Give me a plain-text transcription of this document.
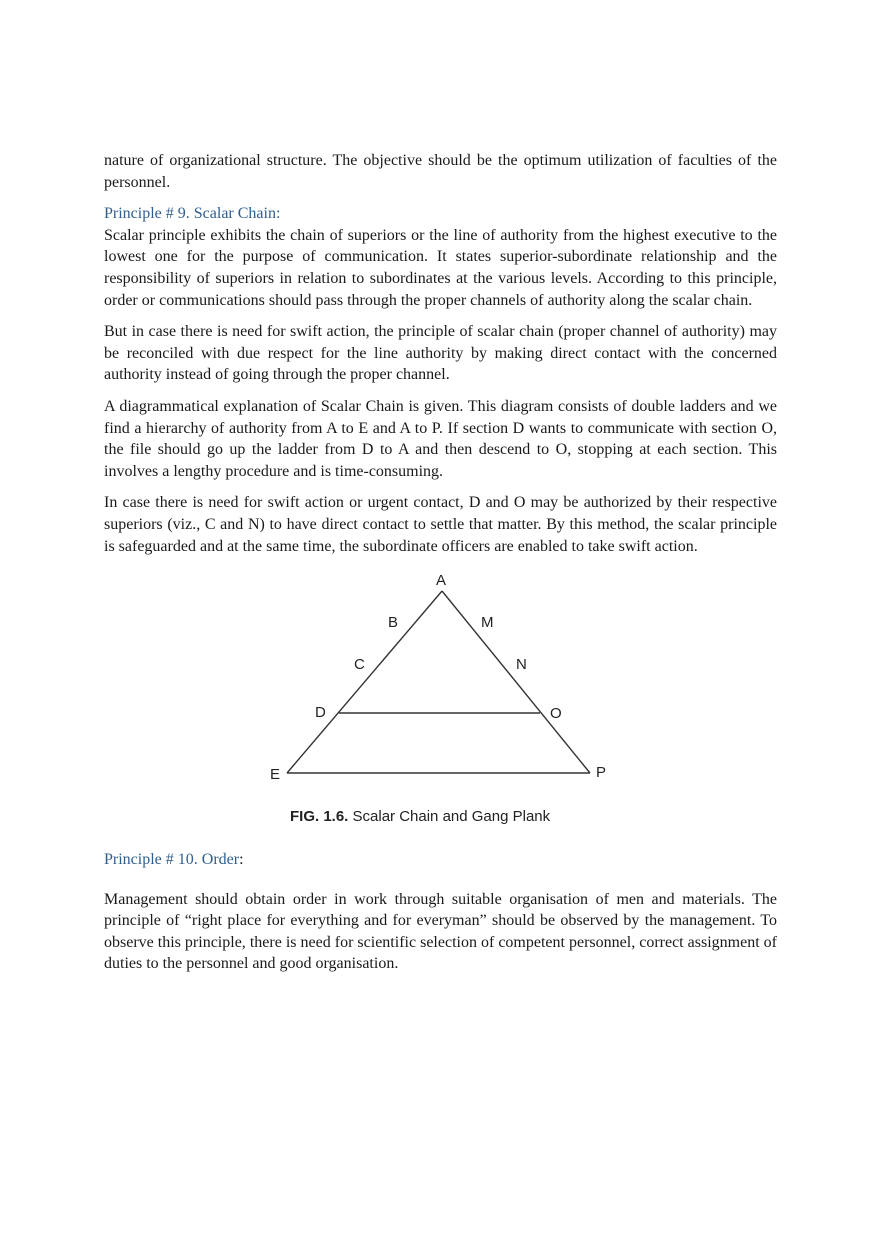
nature of organizational structure. The objective should be the optimum utilization of faculties of the personnel.

Principle # 9. Scalar Chain:

Scalar principle exhibits the chain of superiors or the line of authority from the highest executive to the lowest one for the purpose of communication. It states superior-subordinate relationship and the responsibility of superiors in relation to subordinates at the various levels. According to this principle, order or communications should pass through the proper channels of authority along the scalar chain.

But in case there is need for swift action, the principle of scalar chain (proper channel of authority) may be reconciled with due respect for the line authority by making direct contact with the concerned authority instead of going through the proper channel.

A diagrammatical explanation of Scalar Chain is given. This diagram consists of double ladders and we find a hierarchy of authority from A to E and A to P. If section D wants to communicate with section O, the file should go up the ladder from D to A and then descend to O, stopping at each section. This involves a lengthy procedure and is time-consuming.

In case there is need for swift action or urgent contact, D and O may be authorized by their respective superiors (viz., C and N) to have direct contact to settle that matter. By this method, the scalar principle is safeguarded and at the same time, the subordinate officers are enabled to take swift action.

A
B
C
D
E
M
N
O
P
FIG. 1.6. Scalar Chain and Gang Plank
Principle # 10. Order:

Management should obtain order in work through suitable organisation of men and materials. The principle of “right place for everything and for everyman” should be observed by the management. To observe this principle, there is need for scientific selection of competent personnel, correct assignment of duties to the personnel and good organisation.
